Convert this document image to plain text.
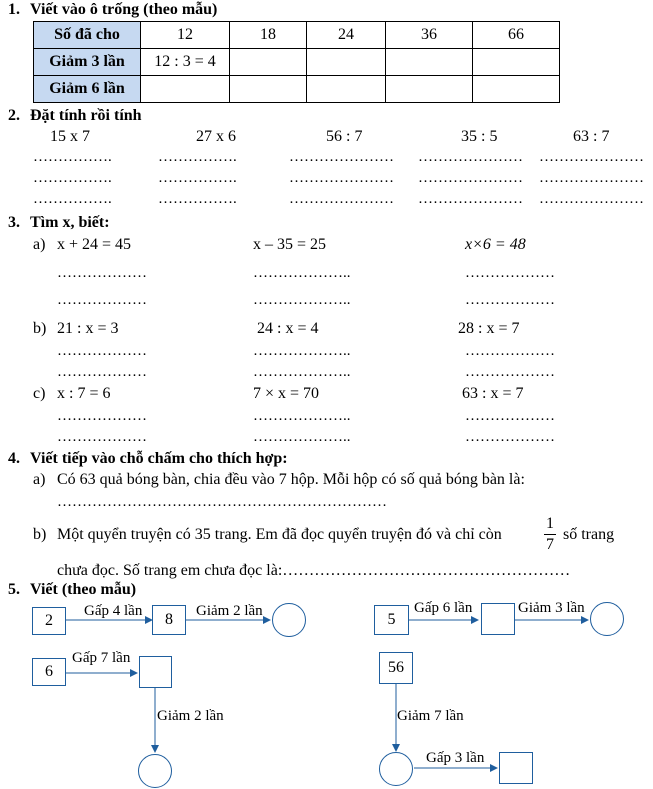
1. Viết vào ô trống (theo mẫu)
Số đã cho	12	18	24	36	66
Giảm 3 lần	12 : 3 = 4				
Giảm 6 lần					
2. Đặt tính rồi tính
15 x 7	27 x 6	56 : 7	35 : 5	63 : 7
…………….	…………….	………………… ………………… …………………
…………….	…………….	………………… ………………… …………………
…………….	…………….	………………… ………………… …………………
3. Tìm x, biết:
a) x + 24 = 45	x – 35 = 25	x×6 = 48
………………	………………..	………………
………………	………………..	………………
b) 21 : x = 3	24 : x = 4	28 : x = 7
………………	………………..	………………
………………	………………..	………………
c) x : 7 = 6	7 × x = 70	63 : x = 7
………………	………………..	………………
………………	………………..	………………
4. Viết tiếp vào chỗ chấm cho thích hợp:
a) Có 63 quả bóng bàn, chia đều vào 7 hộp. Mỗi hộp có số quả bóng bàn là:
…………………………………………………………
b) Một quyển truyện có 35 trang. Em đã đọc quyển truyện đó và chỉ còn
1
7
số trang
chưa đọc. Số trang em chưa đọc là:………………………………………………
5. Viết (theo mẫu)
2
Gấp 4 lần	8	Giảm 2 lần	5
Gấp 6 lần	Giảm 3 lần
6
Gấp 7 lần
Giảm 2 lần
56
Giảm 7 lần
Gấp 3 lần
